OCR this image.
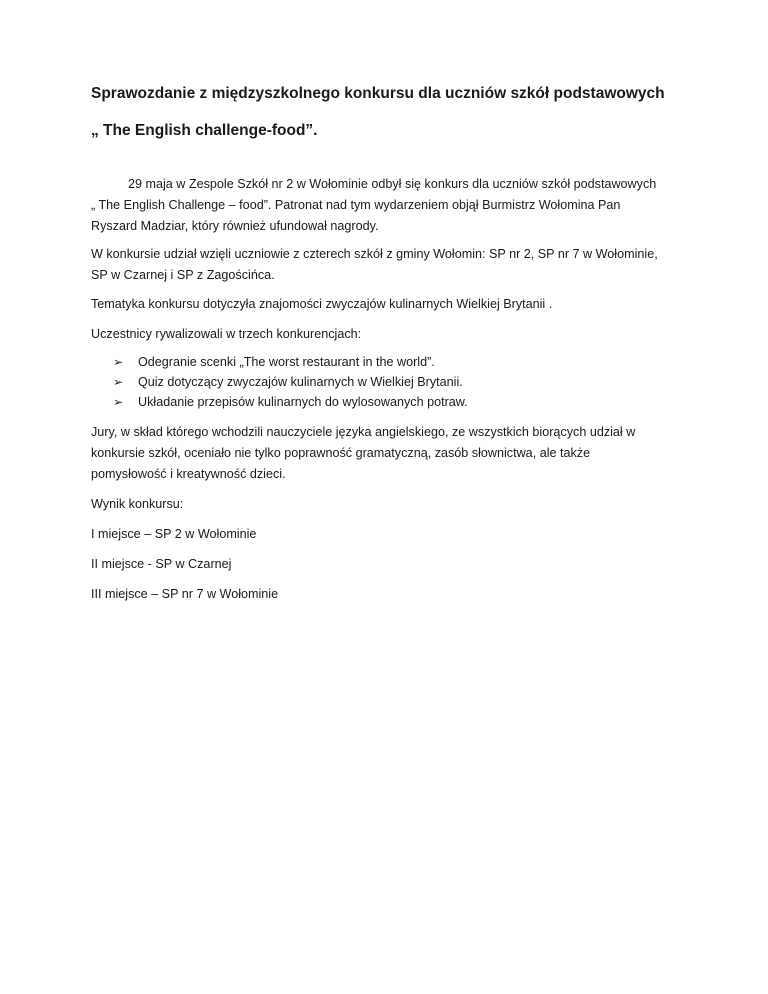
Sprawozdanie z międzyszkolnego konkursu dla uczniów szkół podstawowych

„ The English challenge-food”.

29 maja w Zespole Szkół nr 2 w Wołominie odbył się konkurs dla uczniów szkół podstawowych
„ The English Challenge – food”. Patronat nad tym wydarzeniem objął Burmistrz Wołomina Pan
Ryszard Madziar, który również ufundował nagrody.

W konkursie udział wzięli uczniowie z czterech szkół z gminy Wołomin: SP nr 2, SP nr 7 w Wołominie,
SP w Czarnej i SP z Zagościńca.

Tematyka konkursu dotyczyła znajomości zwyczajów kulinarnych Wielkiej Brytanii .

Uczestnicy rywalizowali w trzech konkurencjach:

➢ Odegranie scenki „The worst restaurant in the world”.
➢ Quiz dotyczący zwyczajów kulinarnych w Wielkiej Brytanii.
➢ Układanie przepisów kulinarnych do wylosowanych potraw.

Jury, w skład którego wchodzili nauczyciele języka angielskiego, ze wszystkich biorących udział w
konkursie szkół, oceniało nie tylko poprawność gramatyczną, zasób słownictwa, ale także
pomysłowość i kreatywność dzieci.

Wynik konkursu:

I miejsce – SP 2 w Wołominie

II miejsce - SP w Czarnej

III miejsce – SP nr 7 w Wołominie
